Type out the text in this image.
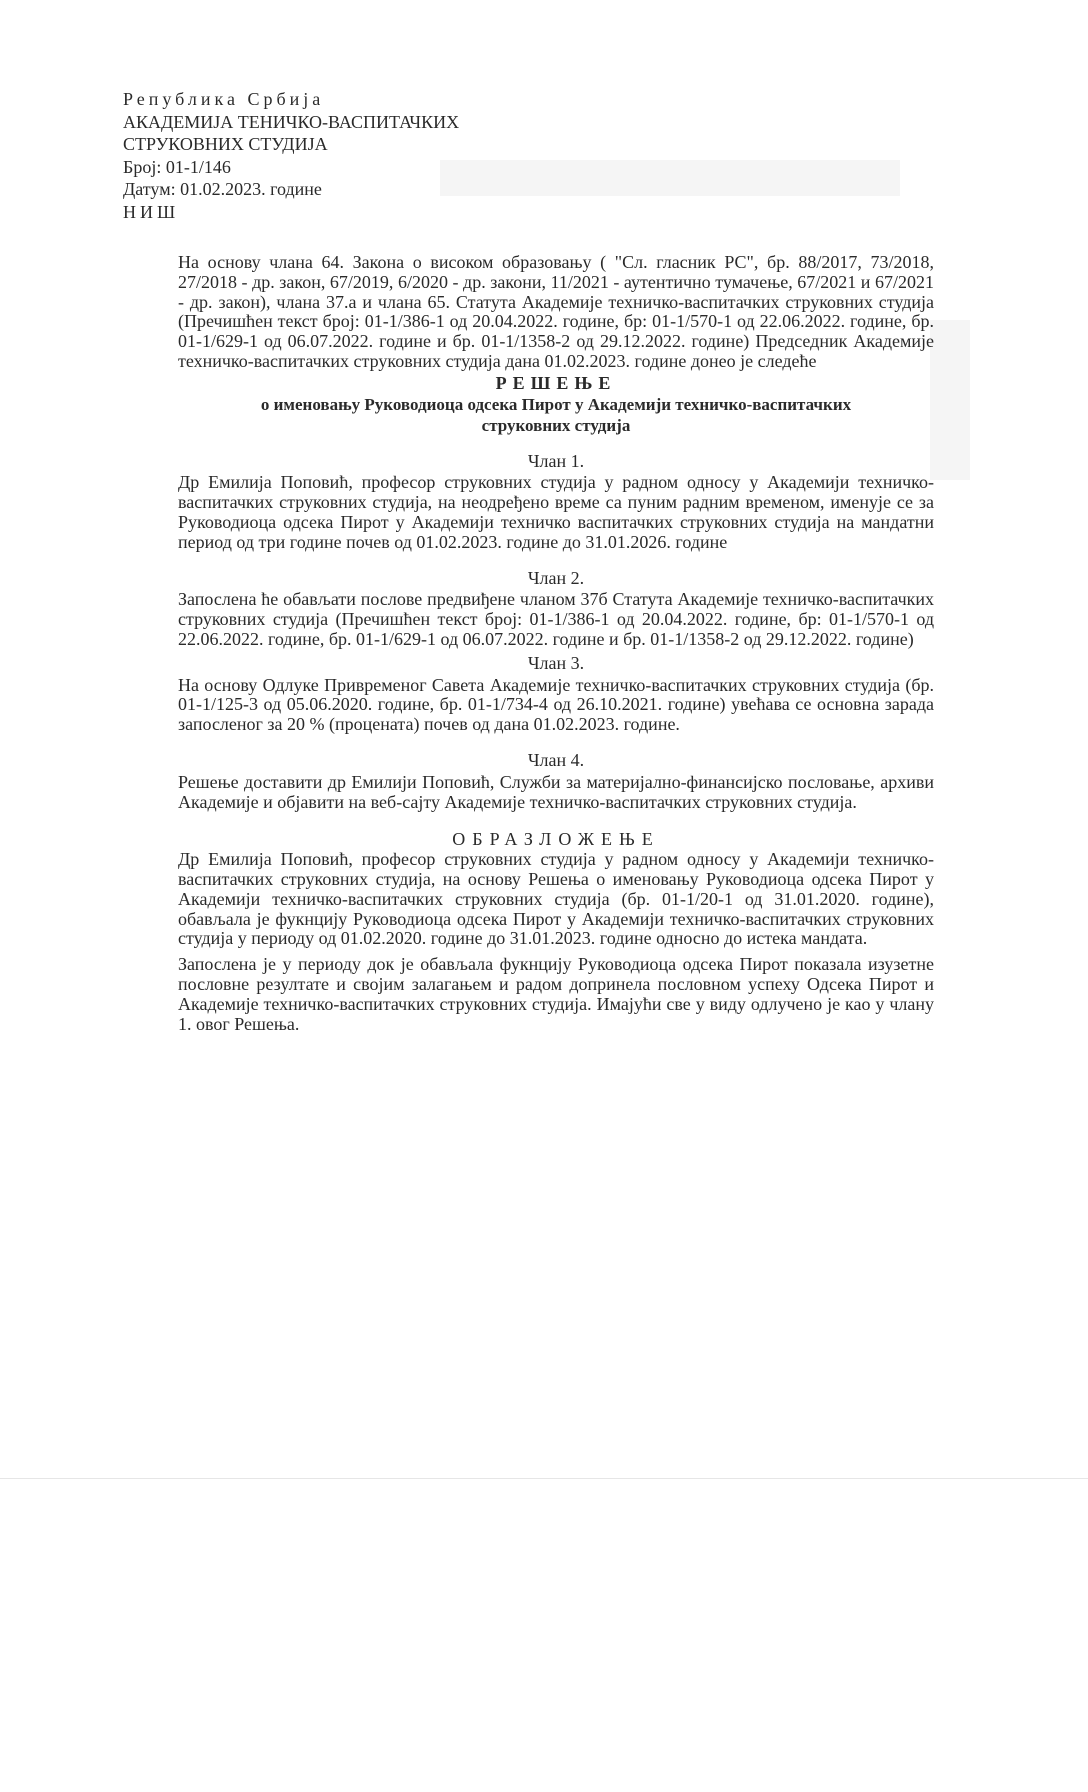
Република Србија
АКАДЕМИЈА ТЕНИЧКО-ВАСПИТАЧКИХ
СТРУКОВНИХ СТУДИЈА
Број: 01-1/146
Датум: 01.02.2023. године
НИШ

На основу члана 64. Закона о високом образовању ( "Сл. гласник РС", бр. 88/2017, 73/2018, 27/2018 - др. закон, 67/2019, 6/2020 - др. закони, 11/2021 - аутентично тумачење, 67/2021 и 67/2021 - др. закон), члана 37.а и члана 65. Статута Академије техничко-васпитачких струковних студија (Пречишћен текст број: 01-1/386-1 од 20.04.2022. године, бр: 01-1/570-1 од 22.06.2022. године, бр. 01-1/629-1 од 06.07.2022. године и бр. 01-1/1358-2 од 29.12.2022. године) Председник Академије техничко-васпитачких струковних студија дана 01.02.2023. године донео је следеће

РЕШЕЊЕ
о именовању Руководиоца одсека Пирот у Академији техничко-васпитачких струковних студија
Члан 1.

Др Емилија Поповић, професор струковних студија у радном односу у Академији техничко-васпитачких струковних студија, на неодређено време са пуним радним временом, именује се за Руководиоца одсека Пирот у Академији техничко васпитачких струковних студија на мандатни период од три године почев од 01.02.2023. године до 31.01.2026. године

Члан 2.

Запослена ће обављати послове предвиђене чланом 37б Статута Академије техничко-васпитачких струковних студија (Пречишћен текст број: 01-1/386-1 од 20.04.2022. године, бр: 01-1/570-1 од 22.06.2022. године, бр. 01-1/629-1 од 06.07.2022. године и бр. 01-1/1358-2 од 29.12.2022. године)

Члан 3.

На основу Одлуке Привременог Савета Академије техничко-васпитачких струковних студија (бр. 01-1/125-3 од 05.06.2020. године, бр. 01-1/734-4 од 26.10.2021. године) увећава се основна зарада запосленог за 20 % (процената) почев од дана 01.02.2023. године.

Члан 4.

Решење доставити др Емилији Поповић, Служби за материјално-финансијско пословање, архиви Академије и објавити на веб-сајту Академије техничко-васпитачких струковних студија.

ОБРАЗЛОЖЕЊЕ

Др Емилија Поповић, професор струковних студија у радном односу у Академији техничко-васпитачких струковних студија, на основу Решења о именовању Руководиоца одсека Пирот у Академији техничко-васпитачких струковних студија (бр. 01-1/20-1 од 31.01.2020. године), обављала је фукнцију Руководиоца одсека Пирот у Академији техничко-васпитачких струковних студија у периоду од 01.02.2020. године до 31.01.2023. године односно до истека мандата.

Запослена је у периоду док је обављала фукнцију Руководиоца одсека Пирот показала изузетне пословне резултате и својим залагањем и радом допринела пословном успеху Одсека Пирот и Академије техничко-васпитачких струковних студија. Имајући све у виду одлучено је као у члану 1. овог Решења.
